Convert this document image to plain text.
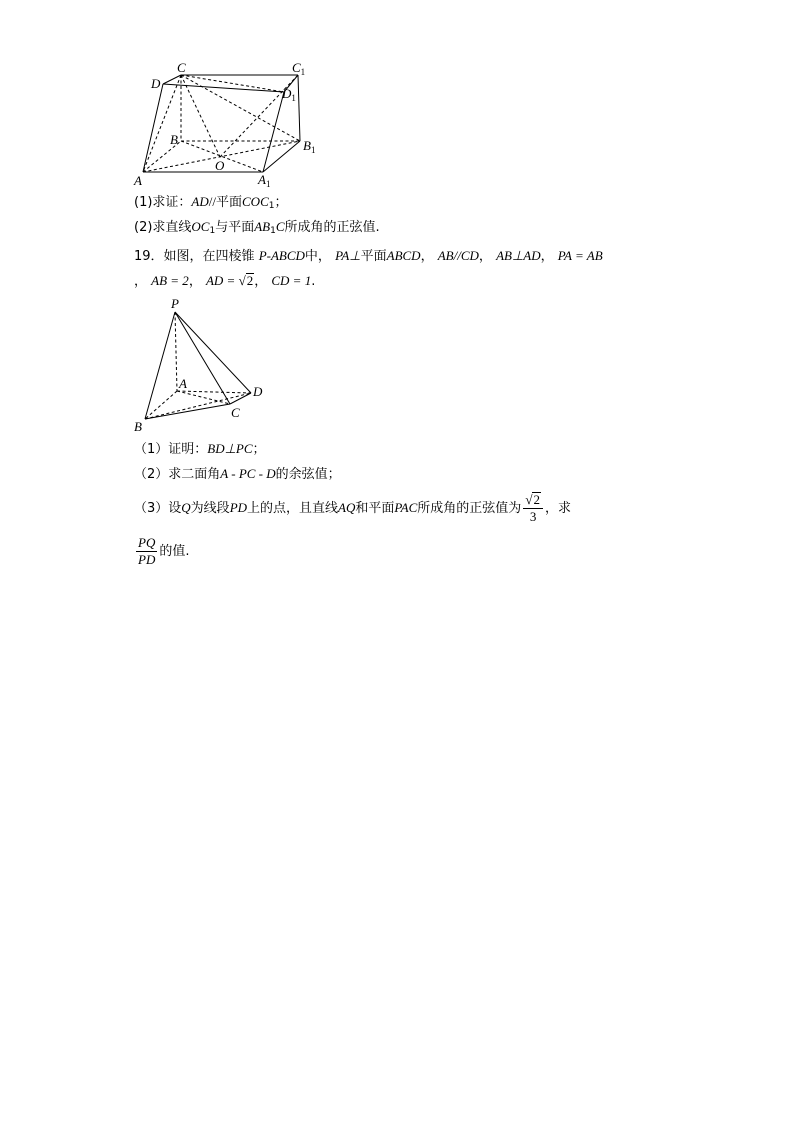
C	$C_1$
D
$D_1$
B	$B_1$
O
A	$A_1$
(1)求证：AD//平面$COC_1$；
(2)求直线$OC_1$与平面$AB_1C$所成角的正弦值.
19．如图，在四棱锥 P-ABCD中， PA⊥平面ABCD， AB//CD， AB⊥AD， PA = AB
， AB = 2， AD = √2， CD = 1.
P
A
D
C
B
（1）证明：BD⊥PC；
（2）求二面角A - PC - D的余弦值；
（3）设Q为线段PD上的点，且直线AQ和平面PAC所成角的正弦值为 $\frac{√2}{3}$ ，求
$\frac{PQ}{PD}$ 的值.
